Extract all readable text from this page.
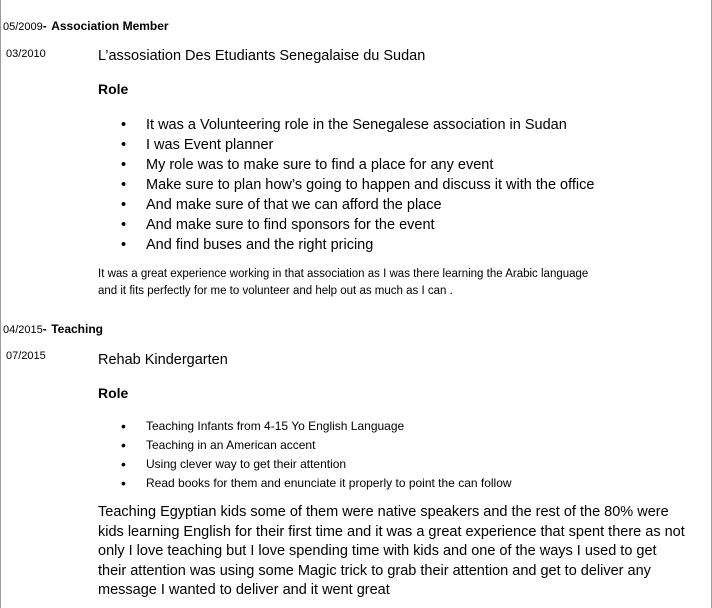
05/2009- Association Member
03/2010	L’assosiation Des Etudiants Senegalaise du Sudan
Role
• It was a Volunteering role in the Senegalese association in Sudan
• I was Event planner
• My role was to make sure to find a place for any event
• Make sure to plan how’s going to happen and discuss it with the office
• And make sure of that we can afford the place
• And make sure to find sponsors for the event
• And find buses and the right pricing
It was a great experience working in that association as I was there learning the Arabic language
and it fits perfectly for me to volunteer and help out as much as I can .
04/2015- Teaching
07/2015	Rehab Kindergarten
Role
• Teaching Infants from 4-15 Yo English Language
• Teaching in an American accent
• Using clever way to get their attention
• Read books for them and enunciate it properly to point the can follow
Teaching Egyptian kids some of them were native speakers and the rest of the 80% were
kids learning English for their first time and it was a great experience that spent there as not
only I love teaching but I love spending time with kids and one of the ways I used to get
their attention was using some Magic trick to grab their attention and get to deliver any
message I wanted to deliver and it went great
